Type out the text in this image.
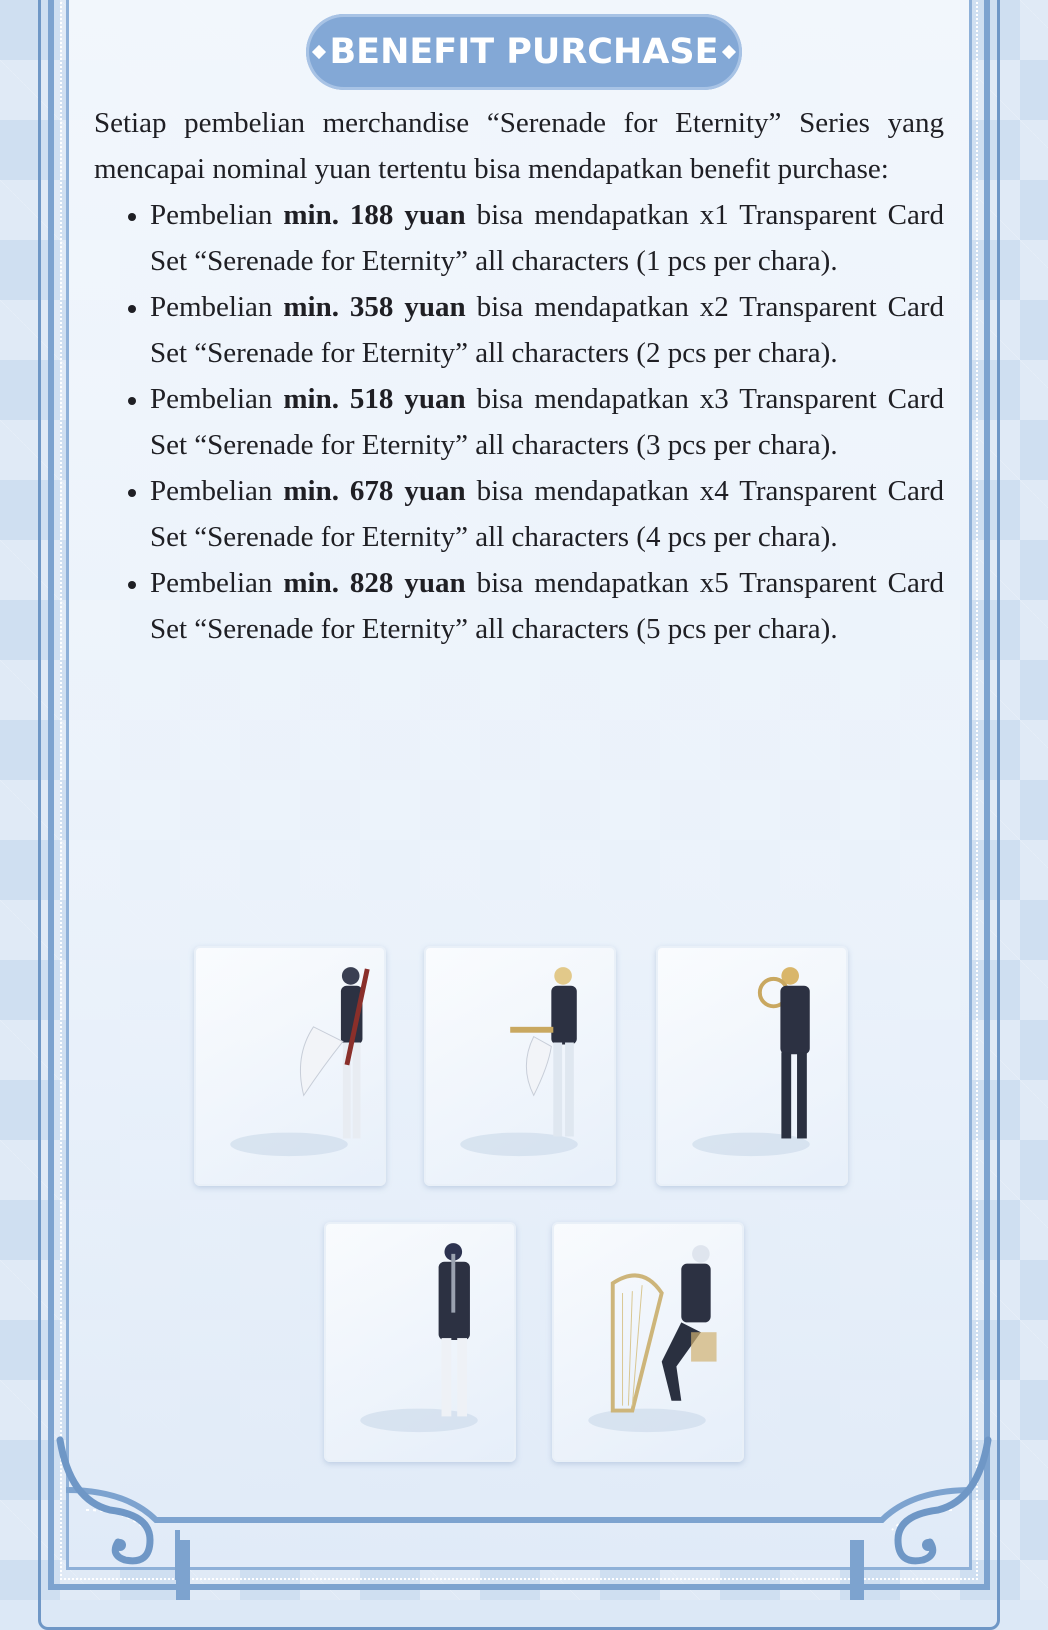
BENEFIT PURCHASE

Setiap pembelian merchandise “Serenade for Eternity” Series yang mencapai nominal yuan tertentu bisa mendapatkan benefit purchase:

• Pembelian min. 188 yuan bisa mendapatkan x1 Transparent Card Set “Serenade for Eternity” all characters (1 pcs per chara).
• Pembelian min. 358 yuan bisa mendapatkan x2 Transparent Card Set “Serenade for Eternity” all characters (2 pcs per chara).
• Pembelian min. 518 yuan bisa mendapatkan x3 Transparent Card Set “Serenade for Eternity” all characters (3 pcs per chara).
• Pembelian min. 678 yuan bisa mendapatkan x4 Transparent Card Set “Serenade for Eternity” all characters (4 pcs per chara).
• Pembelian min. 828 yuan bisa mendapatkan x5 Transparent Card Set “Serenade for Eternity” all characters (5 pcs per chara).
